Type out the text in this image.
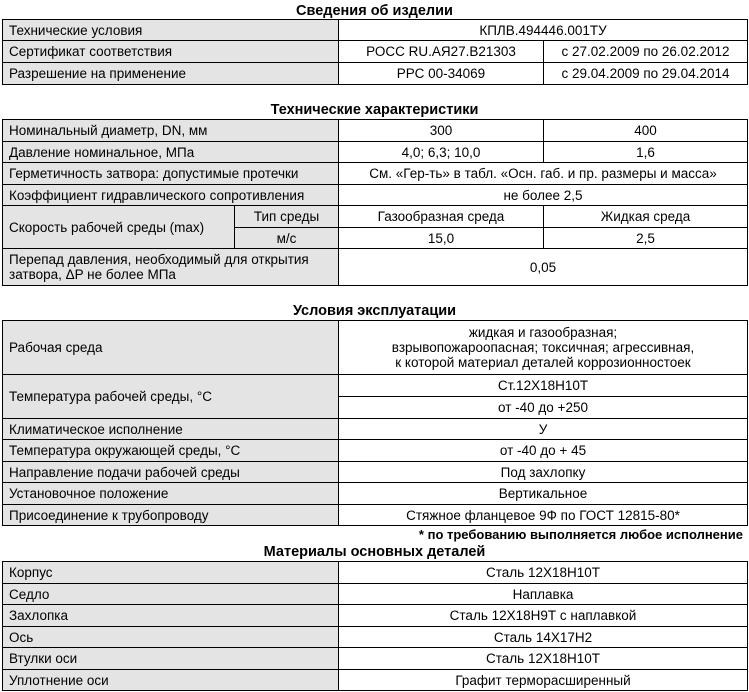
Сведения об изделии
Технические условия	КПЛВ.494446.001ТУ	
Сертификат соответствия	РОСС RU.АЯ27.В21303	с 27.02.2009 по 26.02.2012
Разрешение на применение	РРС 00-34069	с 29.04.2009 по 29.04.2014
Технические характеристики
Номинальный диаметр, DN, мм		300	400
Давление номинальное, МПа		4,0; 6,3; 10,0	1,6
Герметичность затвора: допустимые протечки		См. «Гер-ть» в табл. «Осн. габ. и пр. размеры и масса»	
Коэффициент гидравлического сопротивления		не более 2,5	
Скорость рабочей среды (max)	Тип среды	Газообразная среда	Жидкая среда
	м/с	15,0	2,5
Перепад давления, необходимый для открытия затвора, ΔP не более МПа		0,05	
Условия эксплуатации
Рабочая среда	жидкая и газообразная;
взрывопожароопасная; токсичная; агрессивная,
к которой материал деталей коррозионностоек

Температура рабочей среды, °С	Ст.12Х18Н10Т
	от -40 до +250
Климатическое исполнение	У
Температура окружающей среды, °С	от -40 до + 45
Направление подачи рабочей среды	Под захлопку
Установочное положение	Вертикальное
Присоединение к трубопроводу	Стяжное фланцевое 9Ф по ГОСТ 12815-80*
* по требованию выполняется любое исполнение
Материалы основных деталей
Корпус	Сталь 12Х18Н10Т
Седло	Наплавка
Захлопка	Сталь 12Х18Н9Т с наплавкой
Ось	Сталь 14Х17Н2
Втулки оси	Сталь 12Х18Н10Т
Уплотнение оси	Графит терморасширенный
